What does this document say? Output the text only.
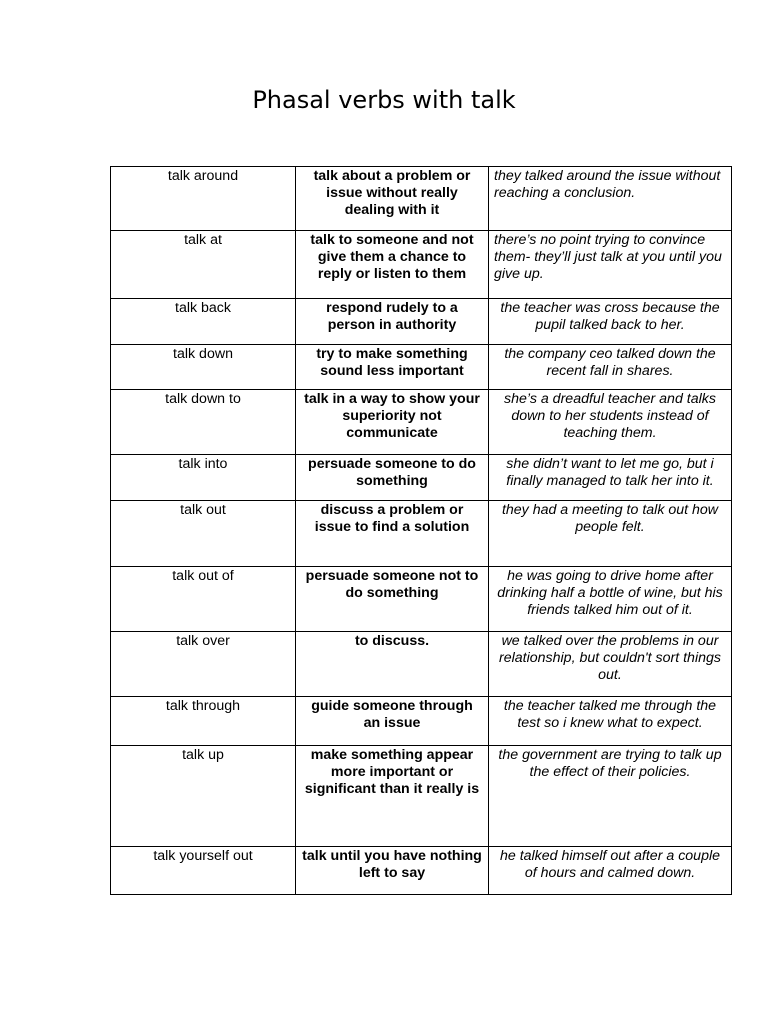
Phasal verbs with talk
talk around	talk about a problem or issue without really dealing with it	they talked around the issue without reaching a conclusion.
talk at	talk to someone and not give them a chance to reply or listen to them	there’s no point trying to convince them- they’ll just talk at you until you give up.
talk back	respond rudely to a person in authority	the teacher was cross because the pupil talked back to her.
talk down	try to make something sound less important	the company ceo talked down the recent fall in shares.
talk down to	talk in a way to show your superiority not communicate	she’s a dreadful teacher and talks down to her students instead of teaching them.
talk into	persuade someone to do something	she didn’t want to let me go, but i finally managed to talk her into it.
talk out	discuss a problem or issue to find a solution	they had a meeting to talk out how people felt.
talk out of	persuade someone not to do something	he was going to drive home after drinking half a bottle of wine, but his friends talked him out of it.
talk over	to discuss.	we talked over the problems in our relationship, but couldn't sort things out.
talk through	guide someone through an issue	the teacher talked me through the test so i knew what to expect.
talk up	make something appear more important or significant than it really is	the government are trying to talk up the effect of their policies.
talk yourself out	talk until you have nothing left to say	he talked himself out after a couple of hours and calmed down.
